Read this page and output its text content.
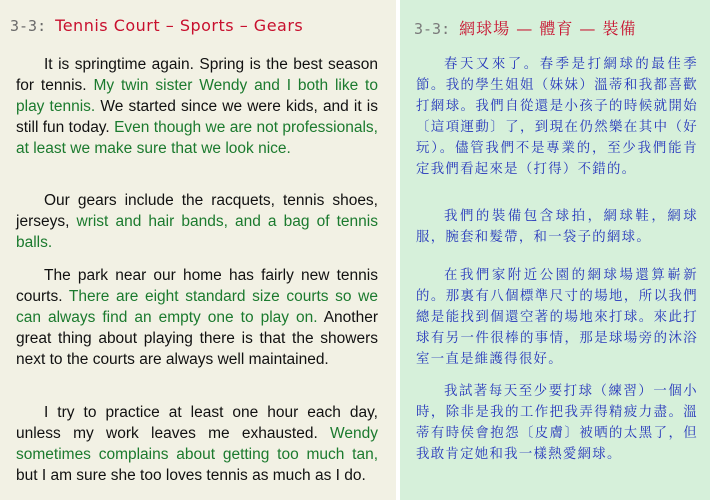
3-3: Tennis Court – Sports – Gears	3-3: 網球場 — 體育 — 裝備

It is springtime again. Spring is the best season for tennis. My twin sister Wendy and I both like to play tennis. We started since we were kids, and it is still fun today. Even though we are not professionals, at least we make sure that we look nice.

Our gears include the racquets, tennis shoes, jerseys, wrist and hair bands, and a bag of tennis balls.

The park near our home has fairly new tennis courts. There are eight standard size courts so we can always find an empty one to play on. Another great thing about playing there is that the showers next to the courts are always well maintained.

I try to practice at least one hour each day, unless my work leaves me exhausted. Wendy sometimes complains about getting too much tan, but I am sure she too loves tennis as much as I do.

春天又來了。春季是打網球的最佳季節。我的學生姐姐（妹妹）溫蒂和我都喜歡打網球。我們自從還是小孩子的時候就開始〔這項運動〕了，到現在仍然樂在其中（好玩）。儘管我們不是專業的，至少我們能肯定我們看起來是（打得）不錯的。

我們的裝備包含球拍，網球鞋，網球服，腕套和髮帶，和一袋子的網球。

在我們家附近公園的網球場還算嶄新的。那裏有八個標準尺寸的場地，所以我們總是能找到個還空著的場地來打球。來此打球有另一件很棒的事情，那是球場旁的沐浴室一直是維護得很好。

我試著每天至少要打球（練習）一個小時，除非是我的工作把我弄得精疲力盡。溫蒂有時侯會抱怨〔皮膚〕被晒的太黑了，但我敢肯定她和我一樣熱愛網球。
